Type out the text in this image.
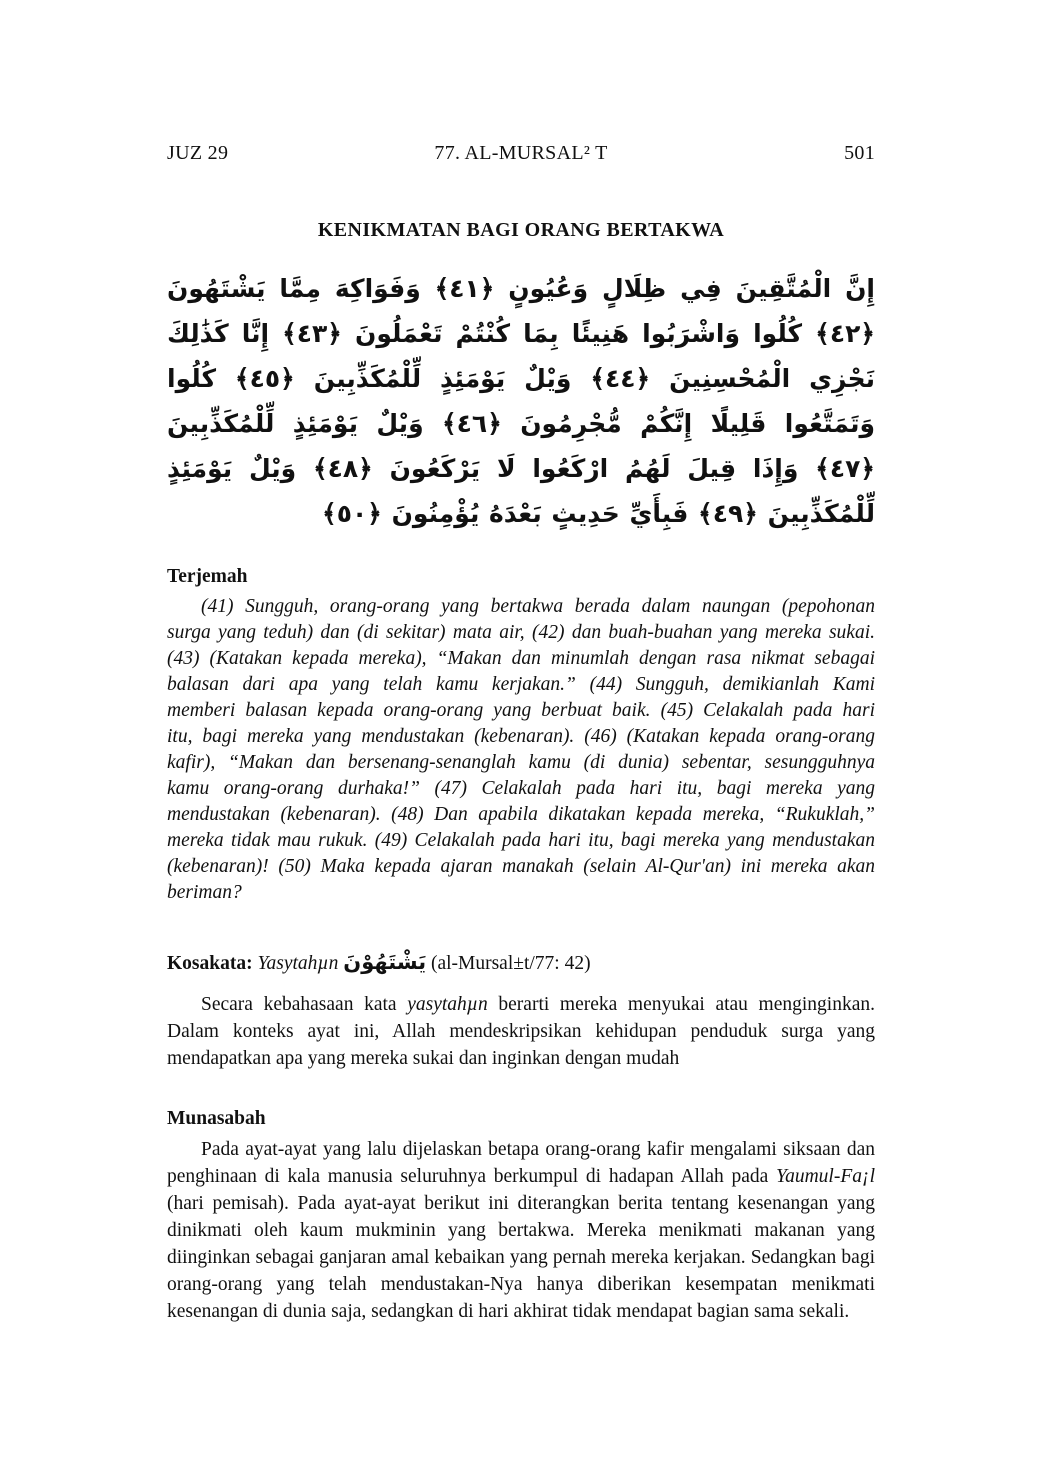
JUZ 29	77. AL-MURSAL² T	501
KENIKMATAN BAGI ORANG BERTAKWA
إِنَّ الْمُتَّقِينَ فِي ظِلَالٍ وَعُيُونٍ ﴿٤١﴾ وَفَوَاكِهَ مِمَّا يَشْتَهُونَ ﴿٤٢﴾ كُلُوا وَاشْرَبُوا هَنِيئًا بِمَا كُنْتُمْ تَعْمَلُونَ ﴿٤٣﴾ إِنَّا كَذَٰلِكَ نَجْزِي الْمُحْسِنِينَ ﴿٤٤﴾ وَيْلٌ يَوْمَئِذٍ لِّلْمُكَذِّبِينَ ﴿٤٥﴾ كُلُوا وَتَمَتَّعُوا قَلِيلًا إِنَّكُمْ مُّجْرِمُونَ ﴿٤٦﴾ وَيْلٌ يَوْمَئِذٍ لِّلْمُكَذِّبِينَ ﴿٤٧﴾ وَإِذَا قِيلَ لَهُمُ ارْكَعُوا لَا يَرْكَعُونَ ﴿٤٨﴾ وَيْلٌ يَوْمَئِذٍ لِّلْمُكَذِّبِينَ ﴿٤٩﴾ فَبِأَيِّ حَدِيثٍ بَعْدَهُ يُؤْمِنُونَ ﴿٥٠﴾
Terjemah

(41) Sungguh, orang-orang yang bertakwa berada dalam naungan (pepohonan surga yang teduh) dan (di sekitar) mata air, (42) dan buah-buahan yang mereka sukai. (43) (Katakan kepada mereka), “Makan dan minumlah dengan rasa nikmat sebagai balasan dari apa yang telah kamu kerjakan.” (44) Sungguh, demikianlah Kami memberi balasan kepada orang-orang yang berbuat baik. (45) Celakalah pada hari itu, bagi mereka yang mendustakan (kebenaran). (46) (Katakan kepada orang-orang kafir), “Makan dan bersenang-senanglah kamu (di dunia) sebentar, sesungguhnya kamu orang-orang durhaka!” (47) Celakalah pada hari itu, bagi mereka yang mendustakan (kebenaran). (48) Dan apabila dikatakan kepada mereka, “Rukuklah,” mereka tidak mau rukuk. (49) Celakalah pada hari itu, bagi mereka yang mendustakan (kebenaran)! (50) Maka kepada ajaran manakah (selain Al-Qur'an) ini mereka akan beriman?

Kosakata: Yasytahµn يَشْتَهُوْنَ (al-Mursal±t/77: 42)

Secara kebahasaan kata yasytahµn berarti mereka menyukai atau menginginkan. Dalam konteks ayat ini, Allah mendeskripsikan kehidupan penduduk surga yang mendapatkan apa yang mereka sukai dan inginkan dengan mudah

Munasabah

Pada ayat-ayat yang lalu dijelaskan betapa orang-orang kafir mengalami siksaan dan penghinaan di kala manusia seluruhnya berkumpul di hadapan Allah pada Yaumul-Fa¡l (hari pemisah). Pada ayat-ayat berikut ini diterangkan berita tentang kesenangan yang dinikmati oleh kaum mukminin yang bertakwa. Mereka menikmati makanan yang diinginkan sebagai ganjaran amal kebaikan yang pernah mereka kerjakan. Sedangkan bagi orang-orang yang telah mendustakan-Nya hanya diberikan kesempatan menikmati kesenangan di dunia saja, sedangkan di hari akhirat tidak mendapat bagian sama sekali.
